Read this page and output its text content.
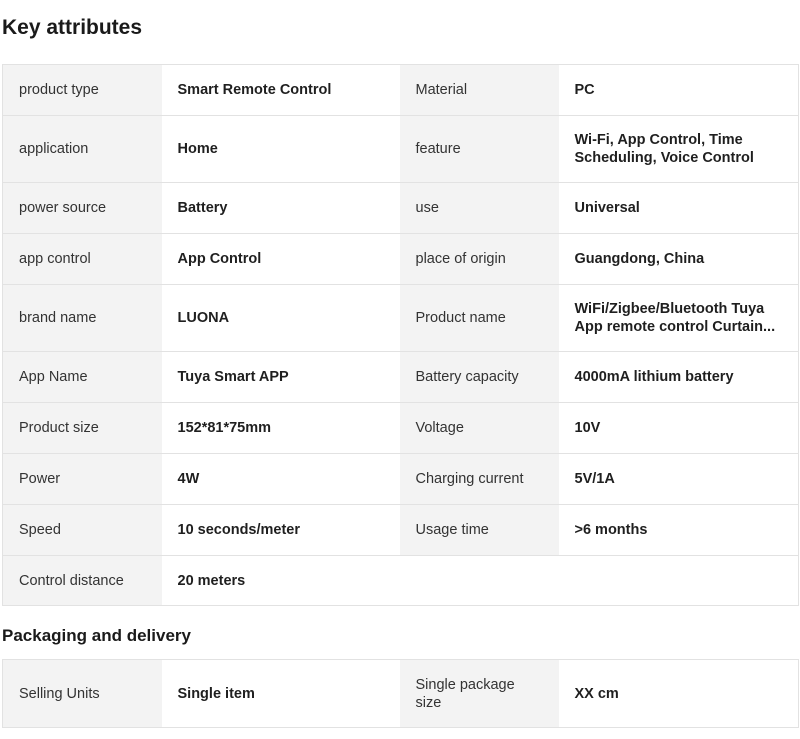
Key attributes
product type	Smart Remote Control	Material	PC
application	Home	feature	Wi-Fi, App Control, Time Scheduling, Voice Control
power source	Battery	use	Universal
app control	App Control	place of origin	Guangdong, China
brand name	LUONA	Product name	WiFi/Zigbee/Bluetooth Tuya App remote control Curtain...
App Name	Tuya Smart APP	Battery capacity	4000mA lithium battery
Product size	152*81*75mm	Voltage	10V
Power	4W	Charging current	5V/1A
Speed	10 seconds/meter	Usage time	>6 months
Control distance	20 meters		
Packaging and delivery
Selling Units	Single item	Single package size	XX cm
